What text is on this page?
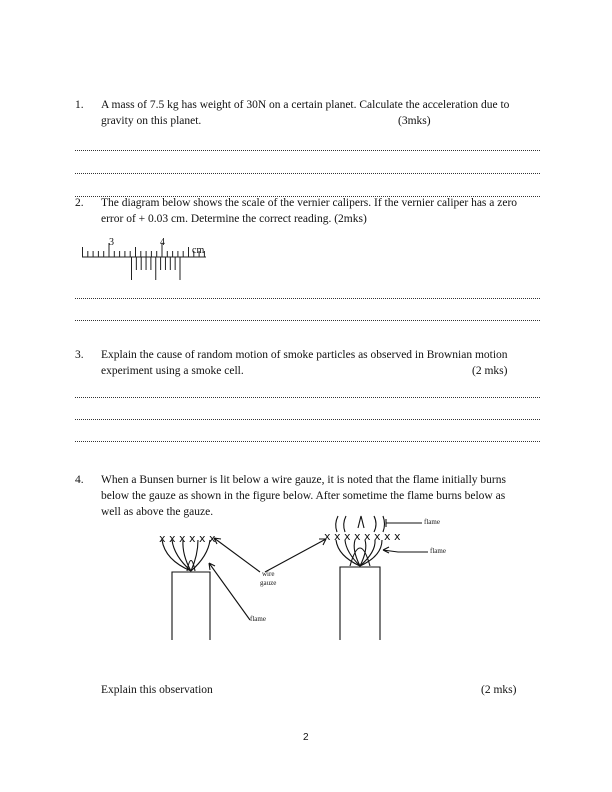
1. A mass of 7.5 kg has weight of 30N on a certain planet. Calculate the acceleration due to
gravity on this planet.	(3mks)
2. The diagram below shows the scale of the vernier calipers. If the vernier caliper has a zero
error of + 0.03 cm. Determine the correct reading. (2mks)
x x x x x x	x x x x x x x x
3	4
cm
wire
gauze
flame
flame
flame
3. Explain the cause of random motion of smoke particles as observed in Brownian motion
experiment using a smoke cell.	(2 mks)
4. When a Bunsen burner is lit below a wire gauze, it is noted that the flame initially burns
below the gauze as shown in the figure below. After sometime the flame burns below as
well as above the gauze.
Explain this observation	(2 mks)
2
